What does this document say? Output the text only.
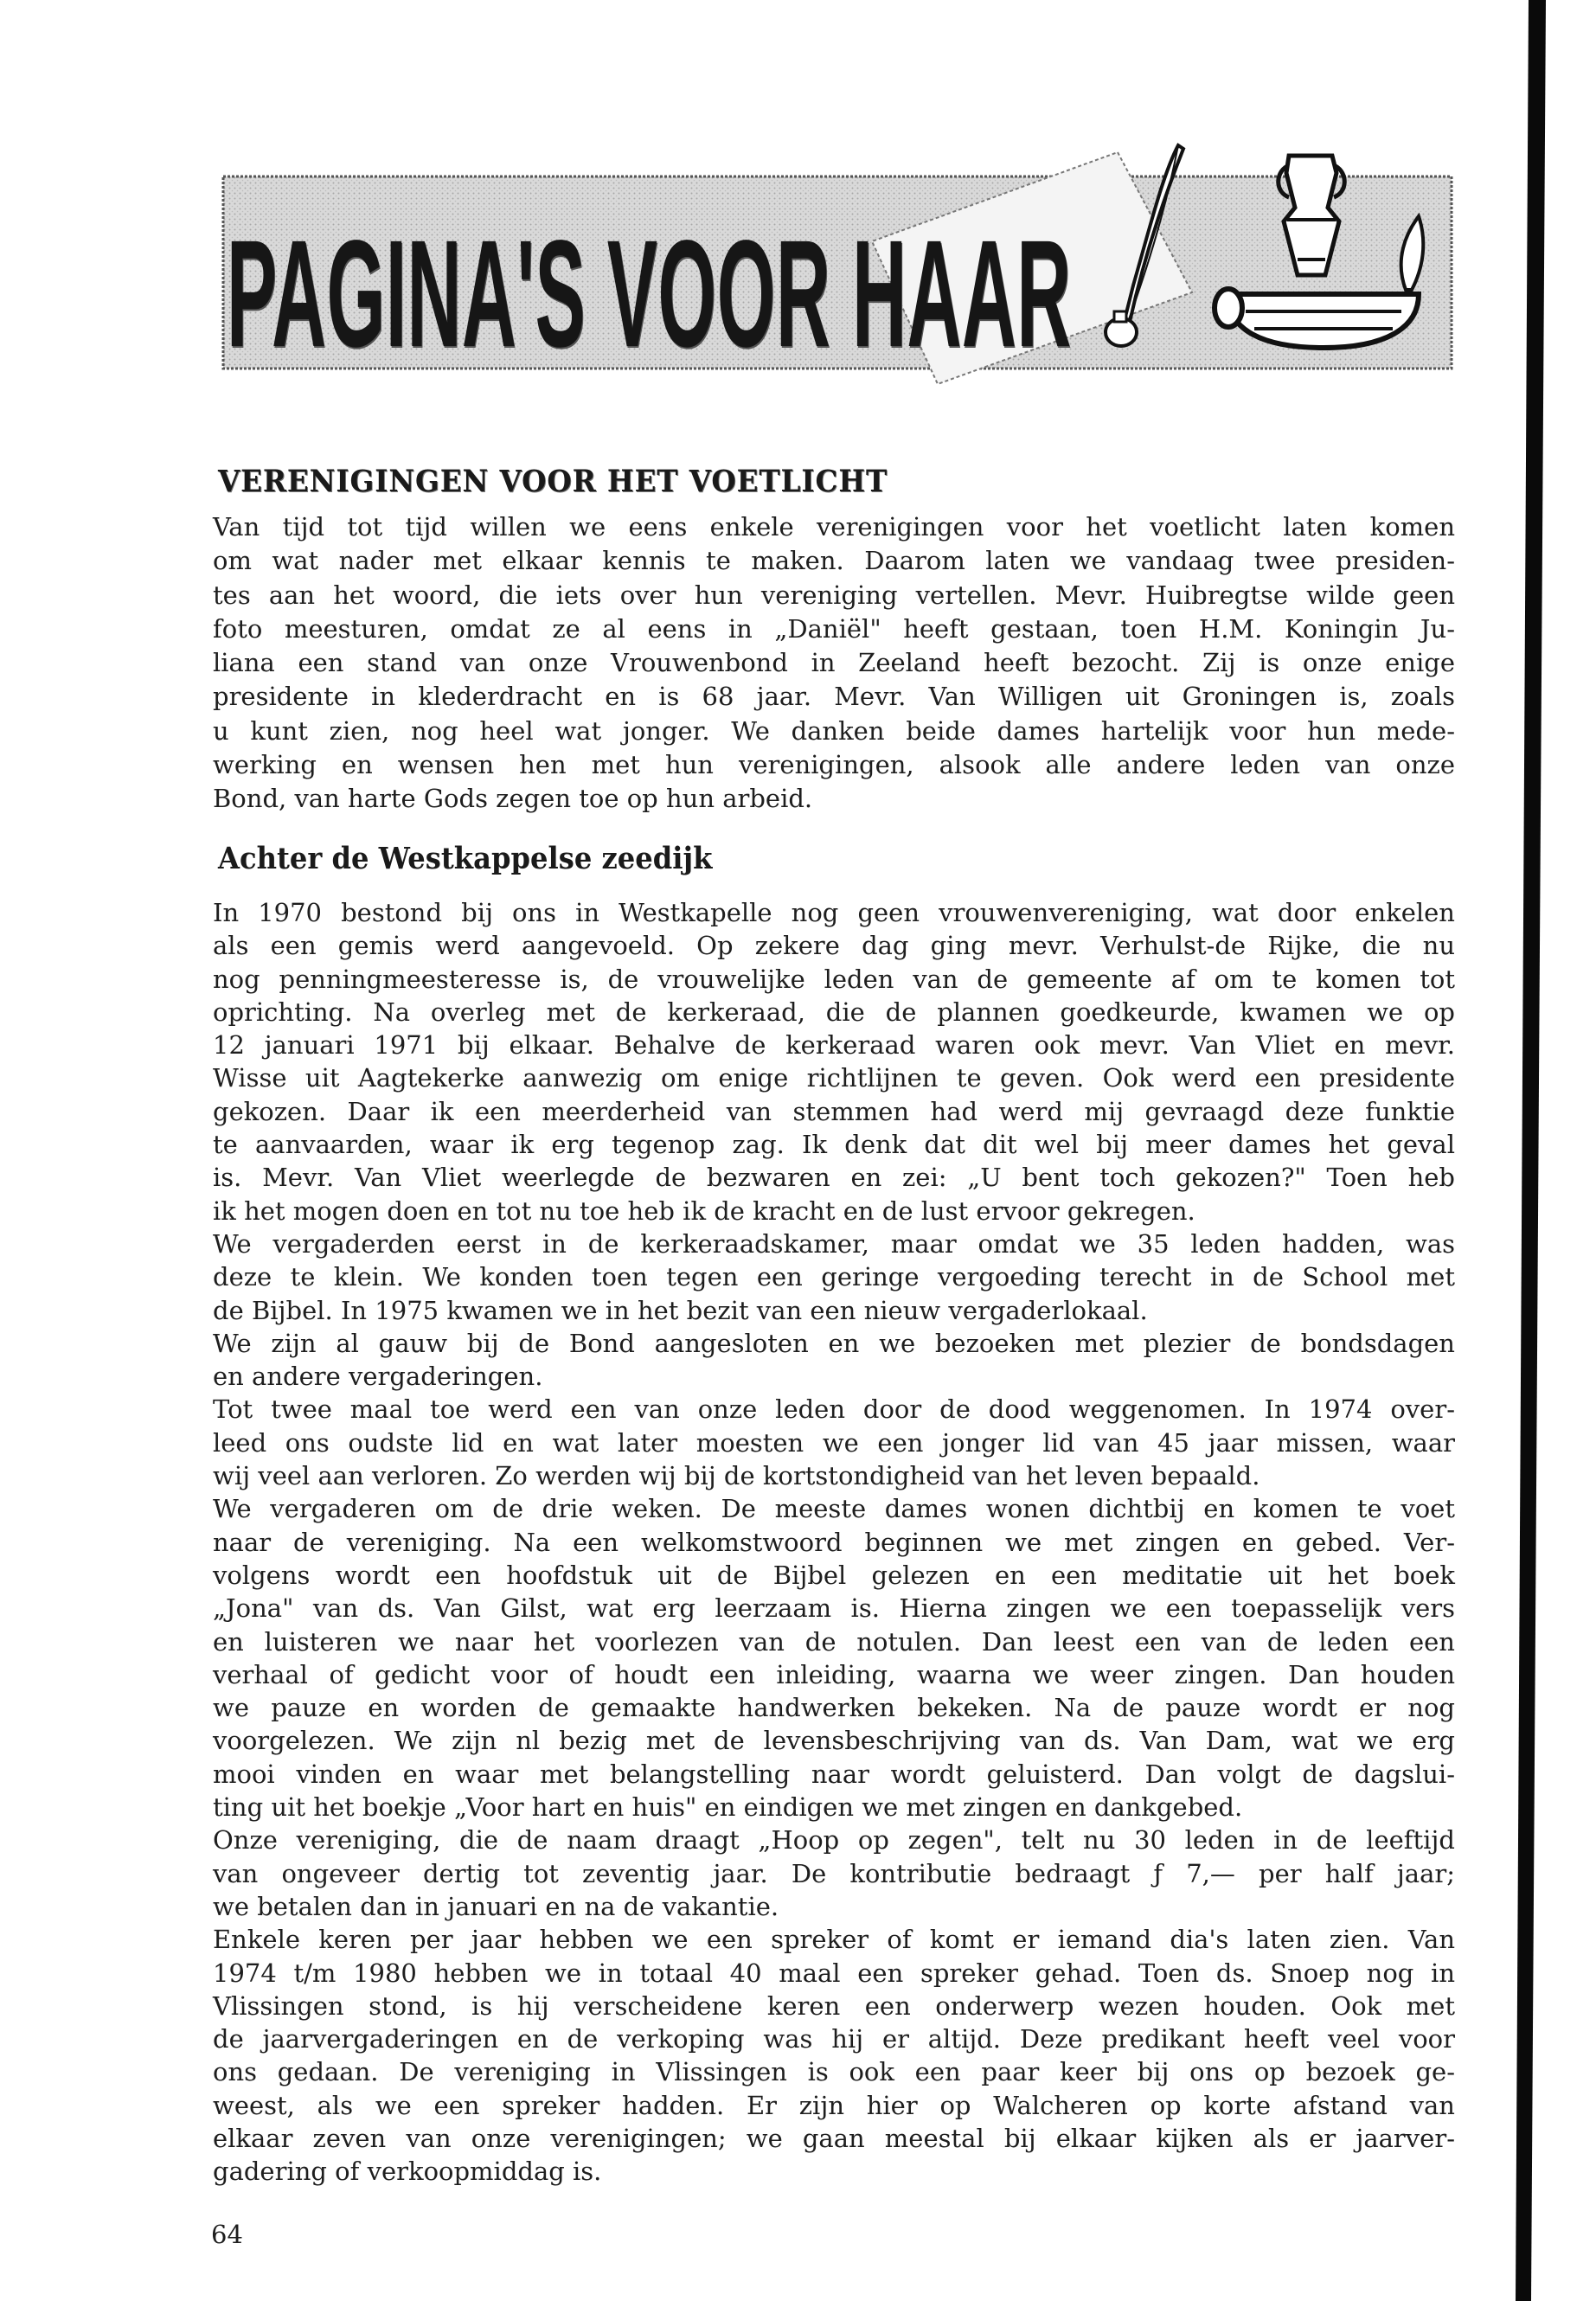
PAGINA'S VOOR HAAR
VERENIGINGEN VOOR HET VOETLICHT
Van tijd tot tijd willen we eens enkele verenigingen voor het voetlicht laten komen
om wat nader met elkaar kennis te maken. Daarom laten we vandaag twee presiden-
tes aan het woord, die iets over hun vereniging vertellen. Mevr. Huibregtse wilde geen
foto meesturen, omdat ze al eens in „Daniël" heeft gestaan, toen H.M. Koningin Ju-
liana een stand van onze Vrouwenbond in Zeeland heeft bezocht. Zij is onze enige
presidente in klederdracht en is 68 jaar. Mevr. Van Willigen uit Groningen is, zoals
u kunt zien, nog heel wat jonger. We danken beide dames hartelijk voor hun mede-
werking en wensen hen met hun verenigingen, alsook alle andere leden van onze
Bond, van harte Gods zegen toe op hun arbeid.
Achter de Westkappelse zeedijk
In 1970 bestond bij ons in Westkapelle nog geen vrouwenvereniging, wat door enkelen
als een gemis werd aangevoeld. Op zekere dag ging mevr. Verhulst-de Rijke, die nu
nog penningmeesteresse is, de vrouwelijke leden van de gemeente af om te komen tot
oprichting. Na overleg met de kerkeraad, die de plannen goedkeurde, kwamen we op
12 januari 1971 bij elkaar. Behalve de kerkeraad waren ook mevr. Van Vliet en mevr.
Wisse uit Aagtekerke aanwezig om enige richtlijnen te geven. Ook werd een presidente
gekozen. Daar ik een meerderheid van stemmen had werd mij gevraagd deze funktie
te aanvaarden, waar ik erg tegenop zag. Ik denk dat dit wel bij meer dames het geval
is. Mevr. Van Vliet weerlegde de bezwaren en zei: „U bent toch gekozen?" Toen heb
ik het mogen doen en tot nu toe heb ik de kracht en de lust ervoor gekregen.
We vergaderden eerst in de kerkeraadskamer, maar omdat we 35 leden hadden, was
deze te klein. We konden toen tegen een geringe vergoeding terecht in de School met
de Bijbel. In 1975 kwamen we in het bezit van een nieuw vergaderlokaal.
We zijn al gauw bij de Bond aangesloten en we bezoeken met plezier de bondsdagen
en andere vergaderingen.
Tot twee maal toe werd een van onze leden door de dood weggenomen. In 1974 over-
leed ons oudste lid en wat later moesten we een jonger lid van 45 jaar missen, waar
wij veel aan verloren. Zo werden wij bij de kortstondigheid van het leven bepaald.
We vergaderen om de drie weken. De meeste dames wonen dichtbij en komen te voet
naar de vereniging. Na een welkomstwoord beginnen we met zingen en gebed. Ver-
volgens wordt een hoofdstuk uit de Bijbel gelezen en een meditatie uit het boek
„Jona" van ds. Van Gilst, wat erg leerzaam is. Hierna zingen we een toepasselijk vers
en luisteren we naar het voorlezen van de notulen. Dan leest een van de leden een
verhaal of gedicht voor of houdt een inleiding, waarna we weer zingen. Dan houden
we pauze en worden de gemaakte handwerken bekeken. Na de pauze wordt er nog
voorgelezen. We zijn nl bezig met de levensbeschrijving van ds. Van Dam, wat we erg
mooi vinden en waar met belangstelling naar wordt geluisterd. Dan volgt de dagslui-
ting uit het boekje „Voor hart en huis" en eindigen we met zingen en dankgebed.
Onze vereniging, die de naam draagt „Hoop op zegen", telt nu 30 leden in de leeftijd
van ongeveer dertig tot zeventig jaar. De kontributie bedraagt ƒ 7,— per half jaar;
we betalen dan in januari en na de vakantie.
Enkele keren per jaar hebben we een spreker of komt er iemand dia's laten zien. Van
1974 t/m 1980 hebben we in totaal 40 maal een spreker gehad. Toen ds. Snoep nog in
Vlissingen stond, is hij verscheidene keren een onderwerp wezen houden. Ook met
de jaarvergaderingen en de verkoping was hij er altijd. Deze predikant heeft veel voor
ons gedaan. De vereniging in Vlissingen is ook een paar keer bij ons op bezoek ge-
weest, als we een spreker hadden. Er zijn hier op Walcheren op korte afstand van
elkaar zeven van onze verenigingen; we gaan meestal bij elkaar kijken als er jaarver-
gadering of verkoopmiddag is.
64
